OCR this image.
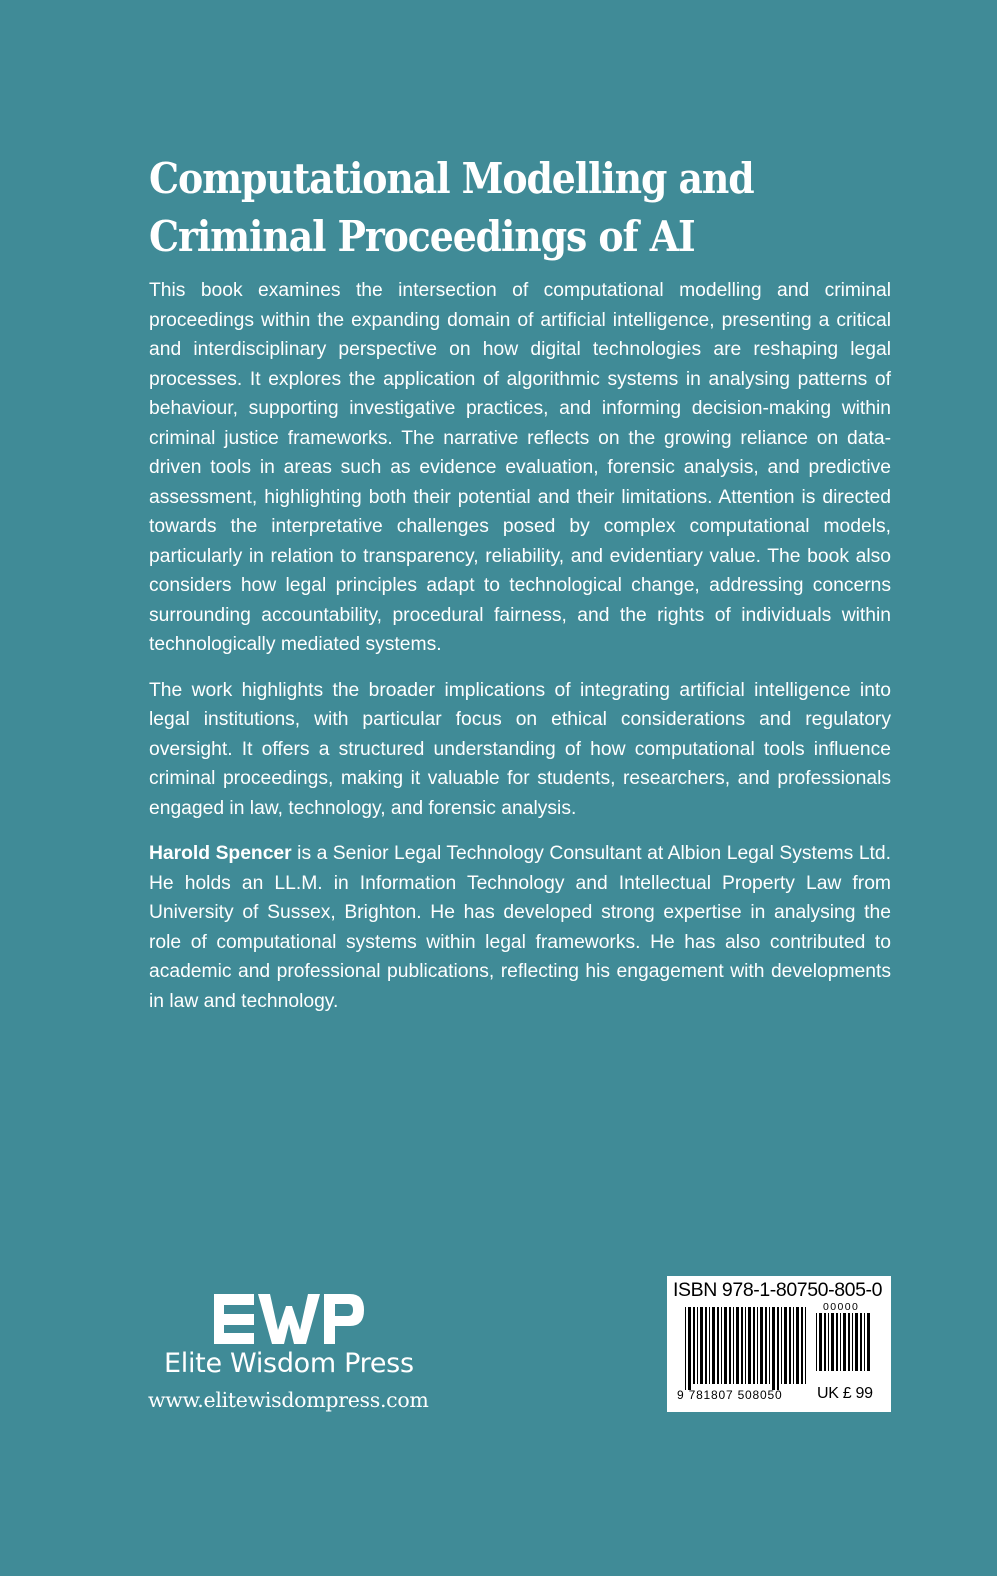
Computational Modelling and
Criminal Proceedings of AI

This book examines the intersection of computational modelling and criminal proceedings within the expanding domain of artificial intelligence, presenting a critical and interdisciplinary perspective on how digital technologies are reshaping legal processes. It explores the application of algorithmic systems in analysing patterns of behaviour, supporting investigative practices, and informing decision-making within criminal justice frameworks. The narrative reflects on the growing reliance on data-driven tools in areas such as evidence evaluation, forensic analysis, and predictive assessment, highlighting both their potential and their limitations. Attention is directed towards the interpretative challenges posed by complex computational models, particularly in relation to transparency, reliability, and evidentiary value. The book also considers how legal principles adapt to technological change, addressing concerns surrounding accountability, procedural fairness, and the rights of individuals within technologically mediated systems.

The work highlights the broader implications of integrating artificial intelligence into legal institutions, with particular focus on ethical considerations and regulatory oversight. It offers a structured understanding of how computational tools influence criminal proceedings, making it valuable for students, researchers, and professionals engaged in law, technology, and forensic analysis.

Harold Spencer is a Senior Legal Technology Consultant at Albion Legal Systems Ltd. He holds an LL.M. in Information Technology and Intellectual Property Law from University of Sussex, Brighton. He has developed strong expertise in analysing the role of computational systems within legal frameworks. He has also contributed to academic and professional publications, reflecting his engagement with developments in law and technology.

Elite Wisdom Press
www.elitewisdompress.com
ISBN 978-1-80750-805-0
00000
9 781807 508050 UK £ 99
